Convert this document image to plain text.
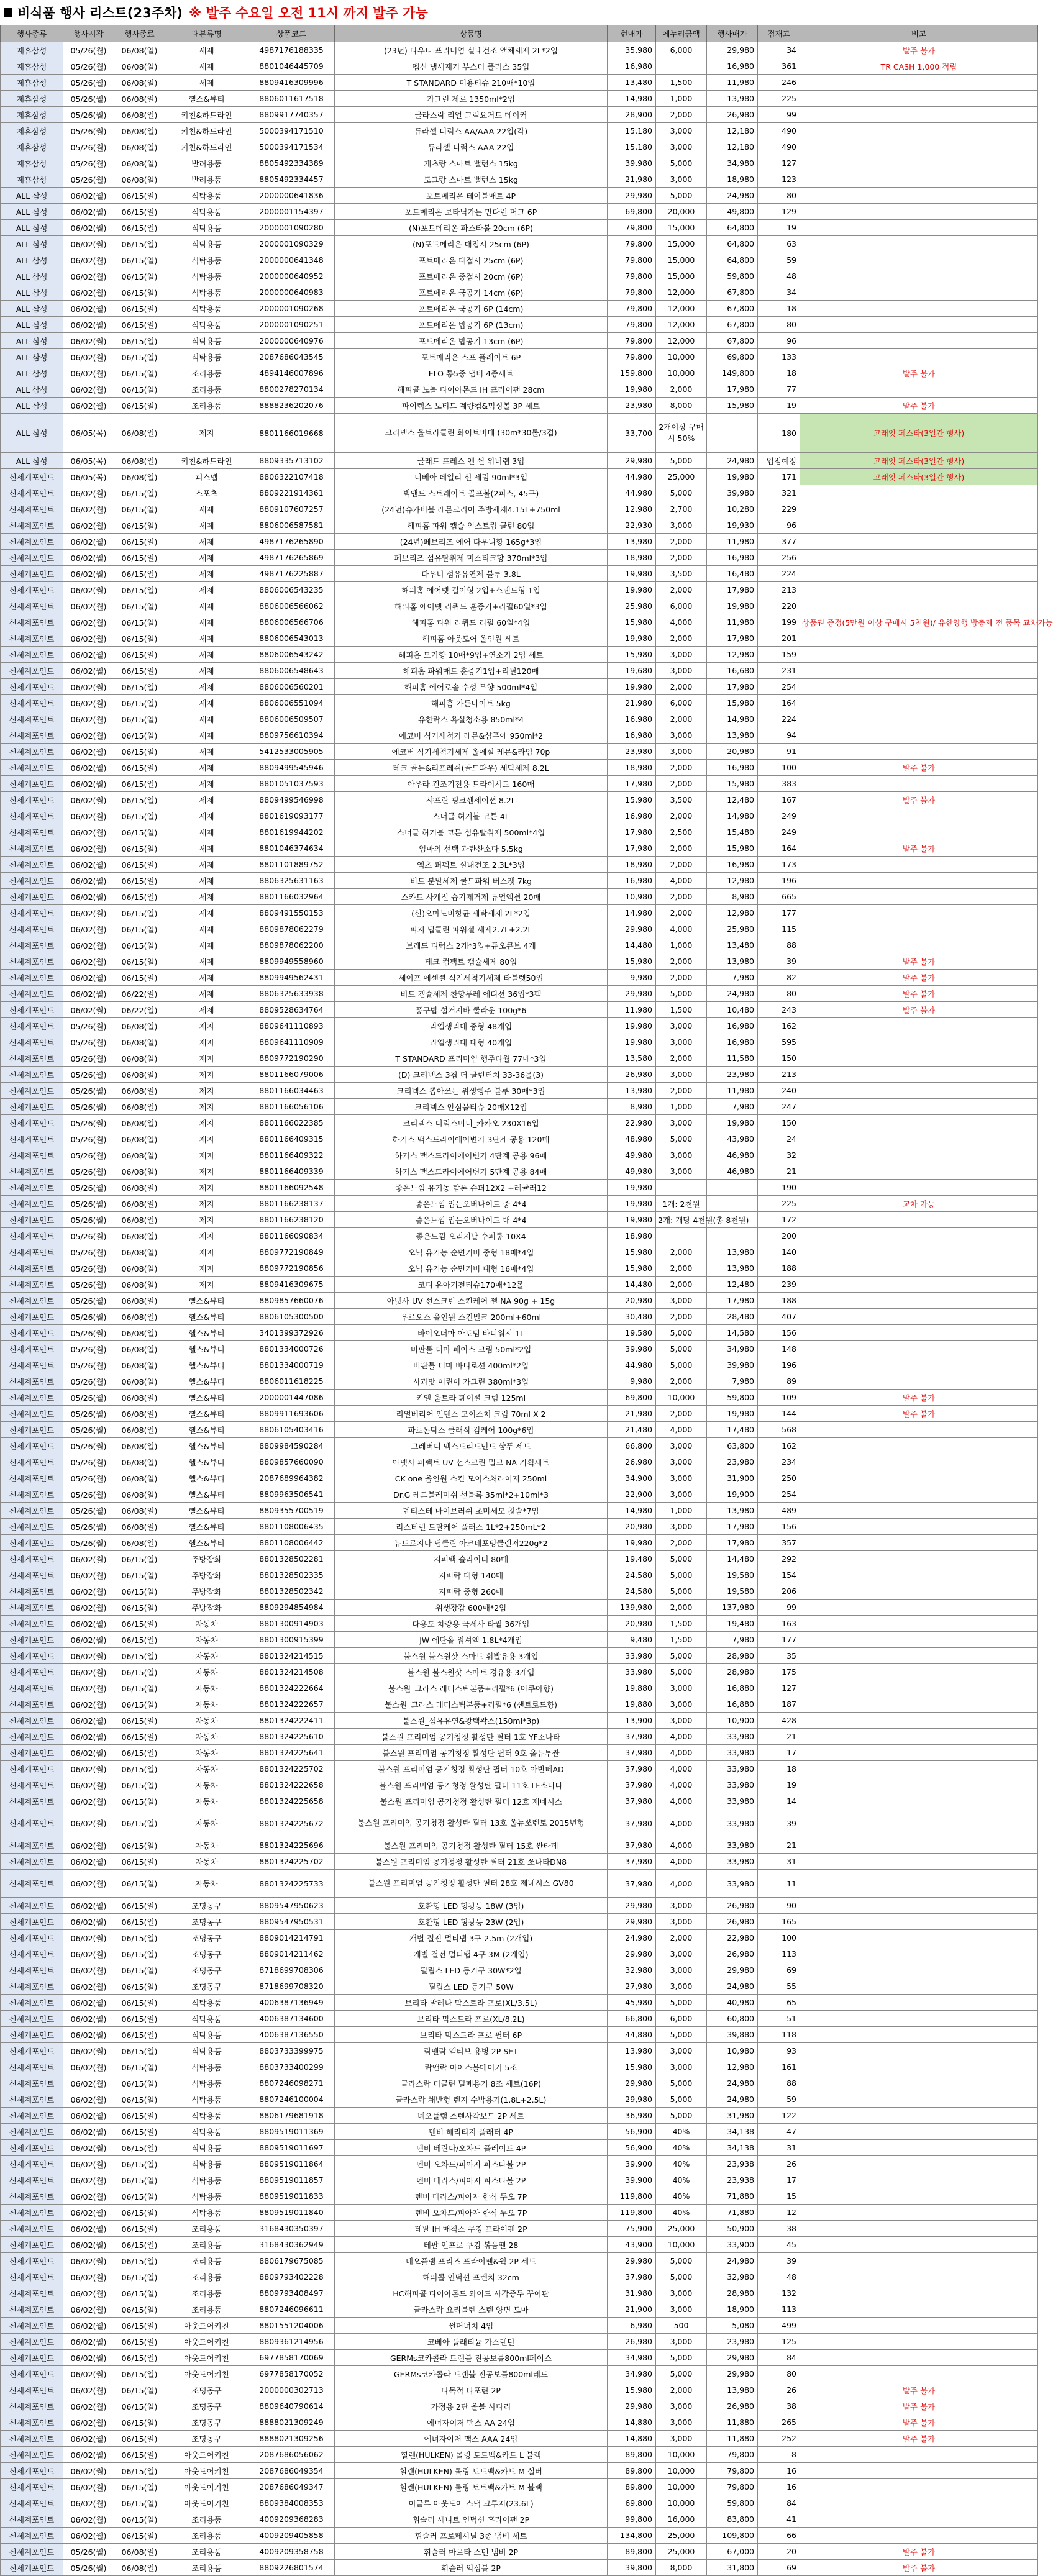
비식품 행사 리스트(23주차) ※ 발주 수요일 오전 11시 까지 발주 가능
행사종류	행사시작	행사종료	대분류명	상품코드	상품명	현매가	에누리금액	행사매가	점재고	비고
제휴삼성	05/26(월)	06/08(일)	세제	4987176188335	(23년) 다우니 프리미엄 실내건조 액체세제 2L*2입	35,980	6,000	29,980	34	발주 불가
제휴삼성	05/26(월)	06/08(일)	세제	8801046445709	펩신 냄새제거 부스터 플러스 35입	16,980		16,980	361	TR CASH 1,000 적립
제휴삼성	05/26(월)	06/08(일)	세제	8809416309996	T STANDARD 미용티슈 210매*10입	13,480	1,500	11,980	246	
제휴삼성	05/26(월)	06/08(일)	헬스&뷰티	8806011617518	가그린 제로 1350ml*2입	14,980	1,000	13,980	225	
제휴삼성	05/26(월)	06/08(일)	키친&하드라인	8809917740357	글라스락 리얼 그릭요거트 메이커	28,900	2,000	26,980	99	
제휴삼성	05/26(월)	06/08(일)	키친&하드라인	5000394171510	듀라셀 디럭스 AA/AAA 22입(각)	15,180	3,000	12,180	490	
제휴삼성	05/26(월)	06/08(일)	키친&하드라인	5000394171534	듀라셀 디럭스 AAA 22입	15,180	3,000	12,180	490	
제휴삼성	05/26(월)	06/08(일)	반려용품	8805492334389	캐츠랑 스마트 밸런스 15kg	39,980	5,000	34,980	127	
제휴삼성	05/26(월)	06/08(일)	반려용품	8805492334457	도그랑 스마트 밸런스 15kg	21,980	3,000	18,980	123	
ALL 삼성	06/02(월)	06/15(일)	식탁용품	2000000641836	포트메리온 테이블매트 4P	29,980	5,000	24,980	80	
ALL 삼성	06/02(월)	06/15(일)	식탁용품	2000001154397	포트메리온 보타닉가든 만다린 머그 6P	69,800	20,000	49,800	129	
ALL 삼성	06/02(월)	06/15(일)	식탁용품	2000001090280	(N)포트메리온 파스타볼 20cm (6P)	79,800	15,000	64,800	19	
ALL 삼성	06/02(월)	06/15(일)	식탁용품	2000001090329	(N)포트메리온 대접시 25cm (6P)	79,800	15,000	64,800	63	
ALL 삼성	06/02(월)	06/15(일)	식탁용품	2000000641348	포트메리온 대접시 25cm (6P)	79,800	15,000	64,800	59	
ALL 삼성	06/02(월)	06/15(일)	식탁용품	2000000640952	포트메리온 중접시 20cm (6P)	79,800	15,000	59,800	48	
ALL 삼성	06/02(월)	06/15(일)	식탁용품	2000000640983	포트메리온 국공기 14cm (6P)	79,800	12,000	67,800	34	
ALL 삼성	06/02(월)	06/15(일)	식탁용품	2000001090268	포트메리온 국공기 6P (14cm)	79,800	12,000	67,800	18	
ALL 삼성	06/02(월)	06/15(일)	식탁용품	2000001090251	포트메리온 밥공기 6P (13cm)	79,800	12,000	67,800	80	
ALL 삼성	06/02(월)	06/15(일)	식탁용품	2000000640976	포트메리온 밥공기 13cm (6P)	79,800	12,000	67,800	96	
ALL 삼성	06/02(월)	06/15(일)	식탁용품	2087686043545	포트메리온 스프 플레이트 6P	79,800	10,000	69,800	133	
ALL 삼성	06/02(월)	06/15(일)	조리용품	4894146007896	ELO 통5중 냄비 4종세트	159,800	10,000	149,800	18	발주 불가
ALL 삼성	06/02(월)	06/15(일)	조리용품	8800278270134	해피콜 노블 다이아몬드 IH 프라이팬 28cm	19,980	2,000	17,980	77	
ALL 삼성	06/02(월)	06/15(일)	조리용품	8888236202076	파이렉스 노티드 계량컵&믹싱볼 3P 세트	23,980	8,000	15,980	19	발주 불가
ALL 삼성	06/05(목)	06/08(일)	제지	8801166019668	크리넥스 울트라클린 화이트비데 (30m*30롤/3겹)	33,700	2개이상 구매시 50%		180	고래잇 페스타(3일간 행사)
ALL 삼성	06/05(목)	06/08(일)	키친&하드라인	8809335713102	글래드 프레스 앤 씰 위너랩 3입	29,980	5,000	24,980	입점예정	고래잇 페스타(3일간 행사)
신세계포인트	06/05(목)	06/08(일)	피스넬	8806322107418	니베아 데일리 선 세럼 90ml*3입	44,980	25,000	19,980	171	고래잇 페스타(3일간 행사)
신세계포인트	06/02(월)	06/15(일)	스포츠	8809221914361	빅앤드 스트레이트 골프볼(2피스, 45구)	44,980	5,000	39,980	321	
신세계포인트	06/02(월)	06/15(일)	세제	8809107607257	(24년)슈가버블 레몬크리어 주방세제4.15L+750ml	12,980	2,700	10,280	229	
신세계포인트	06/02(월)	06/15(일)	세제	8806006587581	해피홈 파워 캡슐 익스트림 클린 80입	22,930	3,000	19,930	96	
신세계포인트	06/02(월)	06/15(일)	세제	4987176265890	(24년)페브리즈 에어 다우니향 165g*3입	13,980	2,000	11,980	377	
신세계포인트	06/02(월)	06/15(일)	세제	4987176265869	페브리즈 섬유탈취제 미스티크향 370ml*3입	18,980	2,000	16,980	256	
신세계포인트	06/02(월)	06/15(일)	세제	4987176225887	다우니 섬유유연제 블루 3.8L	19,980	3,500	16,480	224	
신세계포인트	06/02(월)	06/15(일)	세제	8806006543235	해피홈 에어넷 걸이형 2입+스탠드형 1입	19,980	2,000	17,980	213	
신세계포인트	06/02(월)	06/15(일)	세제	8806006566062	해피홈 에어넷 리퀴드 훈증기+리필60일*3입	25,980	6,000	19,980	220	
신세계포인트	06/02(월)	06/15(일)	세제	8806006566706	해피홈 파워 리퀴드 리필 60일*4입	15,980	4,000	11,980	199	상품권 증정(5만원 이상 구매시 5천원)/ 유한양행 방충제 전 품목 교차가능
신세계포인트	06/02(월)	06/15(일)	세제	8806006543013	해피홈 아웃도어 올인원 세트	19,980	2,000	17,980	201	
신세계포인트	06/02(월)	06/15(일)	세제	8806006543242	해피홈 모기향 10매*9입+연소기 2입 세트	15,980	3,000	12,980	159	
신세계포인트	06/02(월)	06/15(일)	세제	8806006548643	해피홈 파워매트 훈증기1입+리필120매	19,680	3,000	16,680	231	
신세계포인트	06/02(월)	06/15(일)	세제	8806006560201	해피홈 에어로솔 수성 무향 500ml*4입	19,980	2,000	17,980	254	
신세계포인트	06/02(월)	06/15(일)	세제	8806006551094	해피홈 가든나이트 5kg	21,980	6,000	15,980	164	
신세계포인트	06/02(월)	06/15(일)	세제	8806006509507	유한락스 욕실청소용 850ml*4	16,980	2,000	14,980	224	
신세계포인트	06/02(월)	06/15(일)	세제	8809756610394	에코버 식기세척기 레몬&샴푸에 950ml*2	16,980	3,000	13,980	94	
신세계포인트	06/02(월)	06/15(일)	세제	5412533005905	에코버 식기세척기세제 올에실 레몬&라임 70p	23,980	3,000	20,980	91	
신세계포인트	06/02(월)	06/15(일)	세제	8809499545946	테크 골든&리프레쉬(골드파우) 세탁세제 8.2L	18,980	2,000	16,980	100	발주 불가
신세계포인트	06/02(월)	06/15(일)	세제	8801051037593	아우라 건조기전용 드라이시트 160매	17,980	2,000	15,980	383	
신세계포인트	06/02(월)	06/15(일)	세제	8809499546998	샤프란 핑크센세이션 8.2L	15,980	3,500	12,480	167	발주 불가
신세계포인트	06/02(월)	06/15(일)	세제	8801619093177	스너글 허거블 코튼 4L	16,980	2,000	14,980	249	
신세계포인트	06/02(월)	06/15(일)	세제	8801619944202	스너글 허거블 코튼 섬유탈취제 500ml*4입	17,980	2,500	15,480	249	
신세계포인트	06/02(월)	06/15(일)	세제	8801046374634	엄마의 선택 과탄산소다 5.5kg	17,980	2,000	15,980	164	발주 불가
신세계포인트	06/02(월)	06/15(일)	세제	8801101889752	엑츠 퍼펙트 실내건조 2.3L*3입	18,980	2,000	16,980	173	
신세계포인트	06/02(월)	06/15(일)	세제	8806325631163	비트 분말세제 쿨드파워 버스켓 7kg	16,980	4,000	12,980	196	
신세계포인트	06/02(월)	06/15(일)	세제	8801166032964	스카트 사계절 습기제거제 듀얼액션 20매	10,980	2,000	8,980	665	
신세계포인트	06/02(월)	06/15(일)	세제	8809491550153	(신)오마노비항균 세탁세제 2L*2입	14,980	2,000	12,980	177	
신세계포인트	06/02(월)	06/15(일)	세제	8809878062279	피지 딥클린 파워젤 세제2.7L+2.2L	29,980	4,000	25,980	115	
신세계포인트	06/02(월)	06/15(일)	세제	8809878062200	브레드 디럭스 2개*3입+듀오큐브 4개	14,480	1,000	13,480	88	
신세계포인트	06/02(월)	06/15(일)	세제	8809949558960	테크 컴팩트 캡슐세제 80입	15,980	2,000	13,980	39	발주 불가
신세계포인트	06/02(월)	06/15(일)	세제	8809949562431	세이프 에센셜 식기세척기세제 타블렛50입	9,980	2,000	7,980	82	발주 불가
신세계포인트	06/02(월)	06/22(일)	세제	8806325633938	비트 캡슐세제 찬향푸레 에디션 36입*3팩	29,980	5,000	24,980	80	발주 불가
신세계포인트	06/02(월)	06/22(일)	세제	8809528634764	퐁구밥 설거지바 쿨라운 100g*6	11,980	1,500	10,480	243	발주 불가
신세계포인트	05/26(월)	06/08(일)	제지	8809641110893	라엘생리대 중형 48개입	19,980	3,000	16,980	162	
신세계포인트	05/26(월)	06/08(일)	제지	8809641110909	라엘생리대 대형 40개입	19,980	3,000	16,980	595	
신세계포인트	05/26(월)	06/08(일)	제지	8809772190290	T STANDARD 프리미엄 행주타월 77매*3입	13,580	2,000	11,580	150	
신세계포인트	05/26(월)	06/08(일)	제지	8801166079006	(D) 크리넥스 3겹 더 클린터치 33-36롤(3)	26,980	3,000	23,980	213	
신세계포인트	05/26(월)	06/08(일)	제지	8801166034463	크리넥스 뽑아쓰는 위생행주 블루 30매*3입	13,980	2,000	11,980	240	
신세계포인트	05/26(월)	06/08(일)	제지	8801166056106	크리넥스 안심물티슈 20매X12입	8,980	1,000	7,980	247	
신세계포인트	05/26(월)	06/08(일)	제지	8801166022385	크리넥스 디럭스미니_카카오 230X16입	22,980	3,000	19,980	150	
신세계포인트	05/26(월)	06/08(일)	제지	8801166409315	하기스 맥스드라이에어변기 3단계 공용 120매	48,980	5,000	43,980	24	
신세계포인트	05/26(월)	06/08(일)	제지	8801166409322	하기스 맥스드라이에어변기 4단계 공용 96매	49,980	3,000	46,980	32	
신세계포인트	05/26(월)	06/08(일)	제지	8801166409339	하기스 맥스드라이에어변기 5단계 공용 84매	49,980	3,000	46,980	21	
신세계포인트	05/26(월)	06/08(일)	제지	8801166092548	좋은느낌 유기농 탐폰 슈퍼12X2 +레귤러12	19,980			190	
신세계포인트	05/26(월)	06/08(일)	제지	8801166238137	좋은느낌 입는오버나이트 중 4*4	19,980	1개: 2천원		225	교차 가능
신세계포인트	05/26(월)	06/08(일)	제지	8801166238120	좋은느낌 입는오버나이트 대 4*4	19,980	2개: 개당 4천원(총 8천원)		172	
신세계포인트	05/26(월)	06/08(일)	제지	8801166090834	좋은느낌 오리지날 수퍼롱 10X4	18,980			200	
신세계포인트	05/26(월)	06/08(일)	제지	8809772190849	오닉 유기농 순면커버 중형 18매*4입	15,980	2,000	13,980	140	
신세계포인트	05/26(월)	06/08(일)	제지	8809772190856	오닉 유기농 순면커버 대형 16매*4입	15,980	2,000	13,980	188	
신세계포인트	05/26(월)	06/08(일)	제지	8809416309675	코디 유아기전티슈170매*12롤	14,480	2,000	12,480	239	
신세계포인트	05/26(월)	06/08(일)	헬스&뷰티	8809857660076	아넷사 UV 선스크린 스킨케어 젤 NA 90g + 15g	20,980	3,000	17,980	188	
신세계포인트	05/26(월)	06/08(일)	헬스&뷰티	8806105300500	우르오스 올인원 스킨밀크 200ml+60ml	30,480	2,000	28,480	407	
신세계포인트	05/26(월)	06/08(일)	헬스&뷰티	3401399372926	바이오더마 아토덤 바디워시 1L	19,580	5,000	14,580	156	
신세계포인트	05/26(월)	06/08(일)	헬스&뷰티	8801334000726	비판톨 더마 페이스 크림 50ml*2입	39,980	5,000	34,980	148	
신세계포인트	05/26(월)	06/08(일)	헬스&뷰티	8801334000719	비판톨 더마 바디로션 400ml*2입	44,980	5,000	39,980	196	
신세계포인트	05/26(월)	06/08(일)	헬스&뷰티	8806011618225	사과맛 어린이 가그린 380ml*3입	9,980	2,000	7,980	89	
신세계포인트	05/26(월)	06/08(일)	헬스&뷰티	2000001447086	키엘 울트라 훼이셜 크림 125ml	69,800	10,000	59,800	109	발주 불가
신세계포인트	05/26(월)	06/08(일)	헬스&뷰티	8809911693606	리얼베리어 인텐스 모이스처 크림 70ml X 2	21,980	2,000	19,980	144	발주 불가
신세계포인트	05/26(월)	06/08(일)	헬스&뷰티	8806105403416	파로돈탁스 클래식 검케어 100g*6입	21,480	4,000	17,480	568	
신세계포인트	05/26(월)	06/08(일)	헬스&뷰티	8809984590284	그레버디 맥스트리트먼트 샴푸 세트	66,800	3,000	63,800	162	
신세계포인트	05/26(월)	06/08(일)	헬스&뷰티	8809857660090	아넷사 퍼펙트 UV 선스크린 밀크 NA 기획세트	26,980	3,000	23,980	234	
신세계포인트	05/26(월)	06/08(일)	헬스&뷰티	2087689964382	CK one 올인원 스킨 모이스처라이저 250ml	34,900	3,000	31,900	250	
신세계포인트	05/26(월)	06/08(일)	헬스&뷰티	8809963506541	Dr.G 레드블레미쉬 선블록 35ml*2+10ml*3	22,900	3,000	19,900	254	
신세계포인트	05/26(월)	06/08(일)	헬스&뷰티	8809355700519	덴티스테 마이브러쉬 초미세모 칫솔*7입	14,980	1,000	13,980	489	
신세계포인트	05/26(월)	06/08(일)	헬스&뷰티	8801108006435	리스테린 토탈케어 플러스 1L*2+250mL*2	20,980	3,000	17,980	156	
신세계포인트	05/26(월)	06/08(일)	헬스&뷰티	8801108006442	뉴트로지나 딥클린 아크네포밍클렌저220g*2	19,980	2,000	17,980	357	
신세계포인트	06/02(월)	06/15(일)	주방잡화	8801328502281	지퍼백 슬라이더 80매	19,480	5,000	14,480	292	
신세계포인트	06/02(월)	06/15(일)	주방잡화	8801328502335	지퍼락 대형 140매	24,580	5,000	19,580	154	
신세계포인트	06/02(월)	06/15(일)	주방잡화	8801328502342	지퍼락 중형 260매	24,580	5,000	19,580	206	
신세계포인트	06/02(월)	06/15(일)	주방잡화	8809294854984	위생장갑 600매*2입	139,980	2,000	137,980	99	
신세계포인트	06/02(월)	06/15(일)	자동차	8801300914903	다용도 차량용 극세사 타월 36개입	20,980	1,500	19,480	163	
신세계포인트	06/02(월)	06/15(일)	자동차	8801300915399	JW 에탄올 워셔액 1.8L*4개입	9,480	1,500	7,980	177	
신세계포인트	06/02(월)	06/15(일)	자동차	8801324214515	불스원 불스원샷 스마트 휘발유용 3개입	33,980	5,000	28,980	35	
신세계포인트	06/02(월)	06/15(일)	자동차	8801324214508	불스원 불스원샷 스마트 경유용 3개입	33,980	5,000	28,980	175	
신세계포인트	06/02(월)	06/15(일)	자동차	8801324222664	불스원_그라스 레더스틱본품+리필*6 (아쿠아향)	19,880	3,000	16,880	127	
신세계포인트	06/02(월)	06/15(일)	자동차	8801324222657	불스원_그라스 레더스틱본품+리필*6 (샌트로드향)	19,880	3,000	16,880	187	
신세계포인트	06/02(월)	06/15(일)	자동차	8801324222411	불스원_섬유유연&광택왁스(150ml*3p)	13,900	3,000	10,900	428	
신세계포인트	06/02(월)	06/15(일)	자동차	8801324225610	불스원 프리미엄 공기청정 활성탄 필터 1호 YF소나타	37,980	4,000	33,980	21	
신세계포인트	06/02(월)	06/15(일)	자동차	8801324225641	불스원 프리미엄 공기청정 활성탄 필터 9호 올뉴투싼	37,980	4,000	33,980	17	
신세계포인트	06/02(월)	06/15(일)	자동차	8801324225702	불스원 프리미엄 공기청정 활성탄 필터 10호 아반떼AD	37,980	4,000	33,980	18	
신세계포인트	06/02(월)	06/15(일)	자동차	8801324222658	불스원 프리미엄 공기청정 활성탄 필터 11호 LF소나타	37,980	4,000	33,980	19	
신세계포인트	06/02(월)	06/15(일)	자동차	8801324225658	불스원 프리미엄 공기청정 활성탄 필터 12호 제네시스	37,980	4,000	33,980	14	
신세계포인트	06/02(월)	06/15(일)	자동차	8801324225672	불스원 프리미엄 공기청정 활성탄 필터 13호 올뉴쏘렌토 2015년형	37,980	4,000	33,980	39	
신세계포인트	06/02(월)	06/15(일)	자동차	8801324225696	불스원 프리미엄 공기청정 활성탄 필터 15호 싼타페	37,980	4,000	33,980	21	
신세계포인트	06/02(월)	06/15(일)	자동차	8801324225702	불스원 프리미엄 공기청정 활성탄 필터 21호 쏘나타DN8	37,980	4,000	33,980	31	
신세계포인트	06/02(월)	06/15(일)	자동차	8801324225733	불스원 프리미엄 공기청정 활성탄 필터 28호 제네시스 GV80	37,980	4,000	33,980	11	
신세계포인트	06/02(월)	06/15(일)	조명공구	8809547950623	호환형 LED 형광등 18W (3입)	29,980	3,000	26,980	90	
신세계포인트	06/02(월)	06/15(일)	조명공구	8809547950531	호환형 LED 형광등 23W (2입)	29,980	3,000	26,980	165	
신세계포인트	06/02(월)	06/15(일)	조명공구	8809014214791	개별 절전 멀티탭 3구 2.5m (2개입)	24,980	2,000	22,980	100	
신세계포인트	06/02(월)	06/15(일)	조명공구	8809014211462	개별 절전 멀티탭 4구 3M (2개입)	29,980	3,000	26,980	113	
신세계포인트	06/02(월)	06/15(일)	조명공구	8718699708306	필립스 LED 등기구 30W*2입	32,980	3,000	29,980	69	
신세계포인트	06/02(월)	06/15(일)	조명공구	8718699708320	필립스 LED 등기구 50W	27,980	3,000	24,980	55	
신세계포인트	06/02(월)	06/15(일)	식탁용품	4006387136949	브리타 말레나 막스트라 프로(XL/3.5L)	45,980	5,000	40,980	65	
신세계포인트	06/02(월)	06/15(일)	식탁용품	4006387134600	브리타 막스트라 프로(XL/8.2L)	66,800	6,000	60,800	51	
신세계포인트	06/02(월)	06/15(일)	식탁용품	4006387136550	브리타 막스트라 프로 필터 6P	44,880	5,000	39,880	118	
신세계포인트	06/02(월)	06/15(일)	식탁용품	8803733399975	락앤락 엑티브 용병 2P SET	13,980	3,000	10,980	93	
신세계포인트	06/02(월)	06/15(일)	식탁용품	8803733400299	락앤락 아이스볼메이커 5조	15,980	3,000	12,980	161	
신세계포인트	06/02(월)	06/15(일)	식탁용품	8807246098271	글라스락 더클린 밀폐용기 8조 세트(16P)	29,980	5,000	24,980	88	
신세계포인트	06/02(월)	06/15(일)	식탁용품	8807246100004	글라스락 채반형 렌지 수박용기(1.8L+2.5L)	29,980	5,000	24,980	59	
신세계포인트	06/02(월)	06/15(일)	식탁용품	8806179681918	네오플램 스텐사각보드 2P 세트	36,980	5,000	31,980	122	
신세계포인트	06/02(월)	06/15(일)	식탁용품	8809519011369	덴비 헤리티지 플래터 4P	56,900	40%	34,138	47	
신세계포인트	06/02(월)	06/15(일)	식탁용품	8809519011697	덴비 베란다/오차드 플레이트 4P	56,900	40%	34,138	31	
신세계포인트	06/02(월)	06/15(일)	식탁용품	8809519011864	덴비 오차드/피아자 파스타볼 2P	39,900	40%	23,938	26	
신세계포인트	06/02(월)	06/15(일)	식탁용품	8809519011857	덴비 테라스/피아자 파스타볼 2P	39,900	40%	23,938	17	
신세계포인트	06/02(월)	06/15(일)	식탁용품	8809519011833	덴비 테라스/피아자 한식 두오 7P	119,800	40%	71,880	15	
신세계포인트	06/02(월)	06/15(일)	식탁용품	8809519011840	덴비 오차드/피아자 한식 두오 7P	119,800	40%	71,880	12	
신세계포인트	06/02(월)	06/15(일)	조리용품	3168430350397	테팔 IH 매직스 쿠킹 프라이팬 2P	75,900	25,000	50,900	38	
신세계포인트	06/02(월)	06/15(일)	조리용품	3168430362949	테팔 인프로 쿠킹 볶음팬 28	43,900	10,000	33,900	45	
신세계포인트	06/02(월)	06/15(일)	조리용품	8806179675085	네오플램 프리즈 프라이팬&웍 2P 세트	29,980	5,000	24,980	39	
신세계포인트	06/02(월)	06/15(일)	조리용품	8809793402228	해피콜 인덕션 프렌치 32cm	37,980	5,000	32,980	48	
신세계포인트	06/02(월)	06/15(일)	조리용품	8809793408497	HC해피콜 다이아몬드 와이드 사각중두 꾸이판	31,980	3,000	28,980	132	
신세계포인트	06/02(월)	06/15(일)	조리용품	8807246096611	글라스락 요리블렌 스텐 양면 도마	21,900	3,000	18,900	113	
신세계포인트	06/02(월)	06/15(일)	아웃도어키친	8801551204006	썬머너치 4입	6,980	500	5,080	499	
신세계포인트	06/02(월)	06/15(일)	아웃도어키친	8809361214956	코베아 플래티늄 가스랜턴	26,980	3,000	23,980	125	
신세계포인트	06/02(월)	06/15(일)	아웃도어키친	6977858170069	GERMs코카콜라 트랜블 진공보틀800ml페이스	34,980	5,000	29,980	84	
신세계포인트	06/02(월)	06/15(일)	아웃도어키친	6977858170052	GERMs코카콜라 트랜블 진공보틀800ml레드	34,980	5,000	29,980	80	
신세계포인트	06/02(월)	06/15(일)	조명공구	2000000302713	다목적 타포린 2P	15,980	2,000	13,980	26	발주 불가
신세계포인트	06/02(월)	06/15(일)	조명공구	8809640790614	가정용 2단 올블 사다리	29,980	3,000	26,980	38	발주 불가
신세계포인트	06/02(월)	06/15(일)	조명공구	8888021309249	에너자이저 맥스 AA 24입	14,880	3,000	11,880	265	발주 불가
신세계포인트	06/02(월)	06/15(일)	조명공구	8888021309256	에너자이저 맥스 AAA 24입	14,880	3,000	11,880	252	발주 불가
신세계포인트	06/02(월)	06/15(일)	아웃도어키친	2087686056062	힐렌(HULKEN) 롤링 토트백&카트 L 블랙	89,800	10,000	79,800	8	
신세계포인트	06/02(월)	06/15(일)	아웃도어키친	2087686049354	힐렌(HULKEN) 롤링 토트백&카트 M 실버	89,800	10,000	79,800	16	
신세계포인트	06/02(월)	06/15(일)	아웃도어키친	2087686049347	힐렌(HULKEN) 롤링 토트백&카트 M 블랙	89,800	10,000	79,800	16	
신세계포인트	06/02(월)	06/15(일)	아웃도어키친	8809384008353	이글루 아웃도어 스낵 크루저(23.6L)	69,800	10,000	59,800	84	
신세계포인트	06/02(월)	06/15(일)	조리용품	4009209368283	휘슬러 세니트 인덕션 후라이팬 2P	99,800	16,000	83,800	41	
신세계포인트	06/02(월)	06/15(일)	조리용품	4009209405858	휘슬러 프로페셔널 3종 냄비 세트	134,800	25,000	109,800	66	
신세계포인트	05/26(월)	06/08(일)	조리용품	4009209358758	휘슬러 마르타 스텐 냄비 2P	89,800	25,000	67,000	20	발주 불가
신세계포인트	05/26(월)	06/08(일)	조리용품	8809226801574	휘슬러 익싱볼 2P	39,800	8,000	31,800	69	발주 불가
